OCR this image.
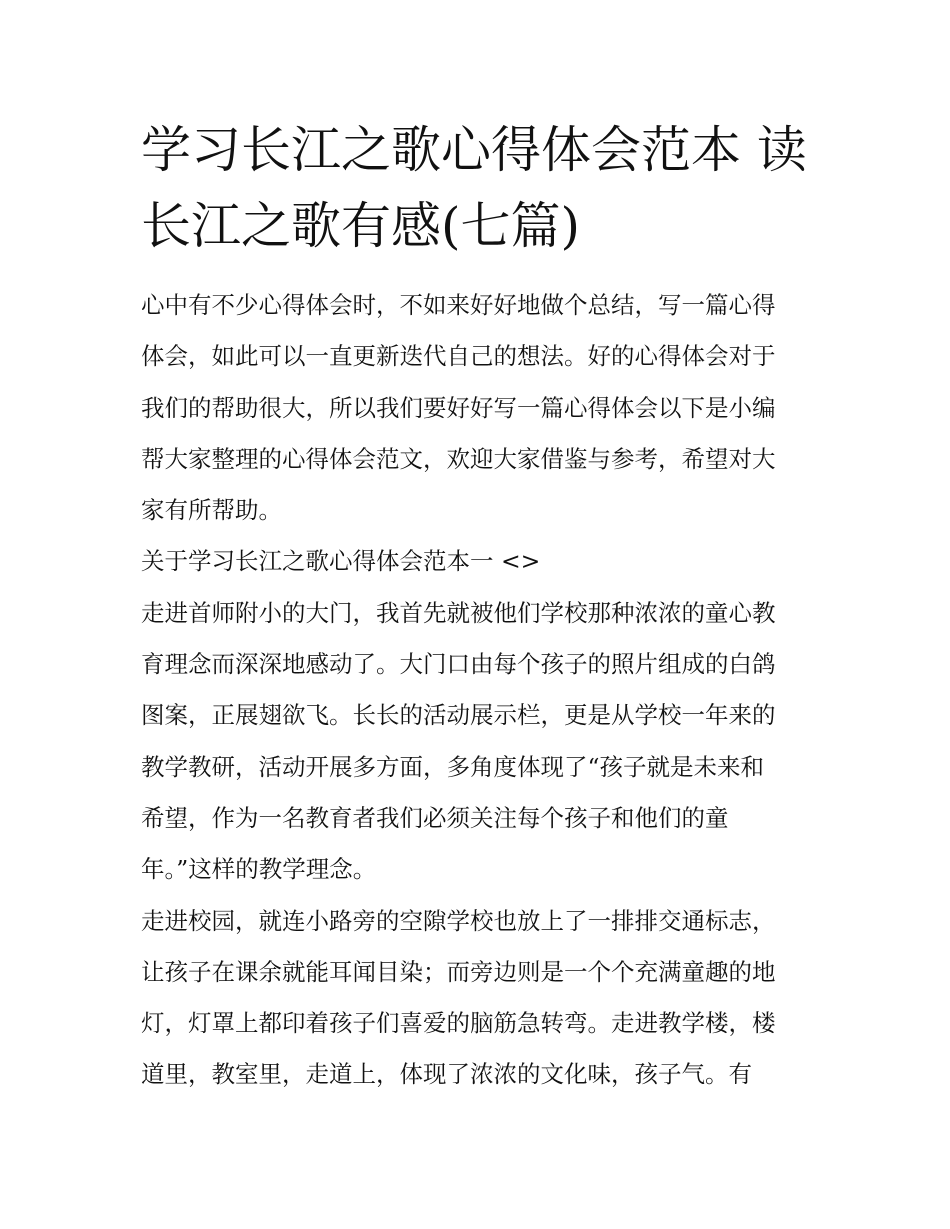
学习长江之歌心得体会范本 读
长江之歌有感(七篇)

心中有不少心得体会时，不如来好好地做个总结，写一篇心得
体会，如此可以一直更新迭代自己的想法。好的心得体会对于
我们的帮助很大，所以我们要好好写一篇心得体会以下是小编
帮大家整理的心得体会范文，欢迎大家借鉴与参考，希望对大
家有所帮助。

关于学习长江之歌心得体会范本一 <>

走进首师附小的大门，我首先就被他们学校那种浓浓的童心教
育理念而深深地感动了。大门口由每个孩子的照片组成的白鸽
图案，正展翅欲飞。长长的活动展示栏，更是从学校一年来的
教学教研，活动开展多方面，多角度体现了“孩子就是未来和
希望，作为一名教育者我们必须关注每个孩子和他们的童
年。”这样的教学理念。

走进校园，就连小路旁的空隙学校也放上了一排排交通标志，
让孩子在课余就能耳闻目染；而旁边则是一个个充满童趣的地
灯，灯罩上都印着孩子们喜爱的脑筋急转弯。走进教学楼，楼
道里，教室里，走道上，体现了浓浓的文化味，孩子气。有
